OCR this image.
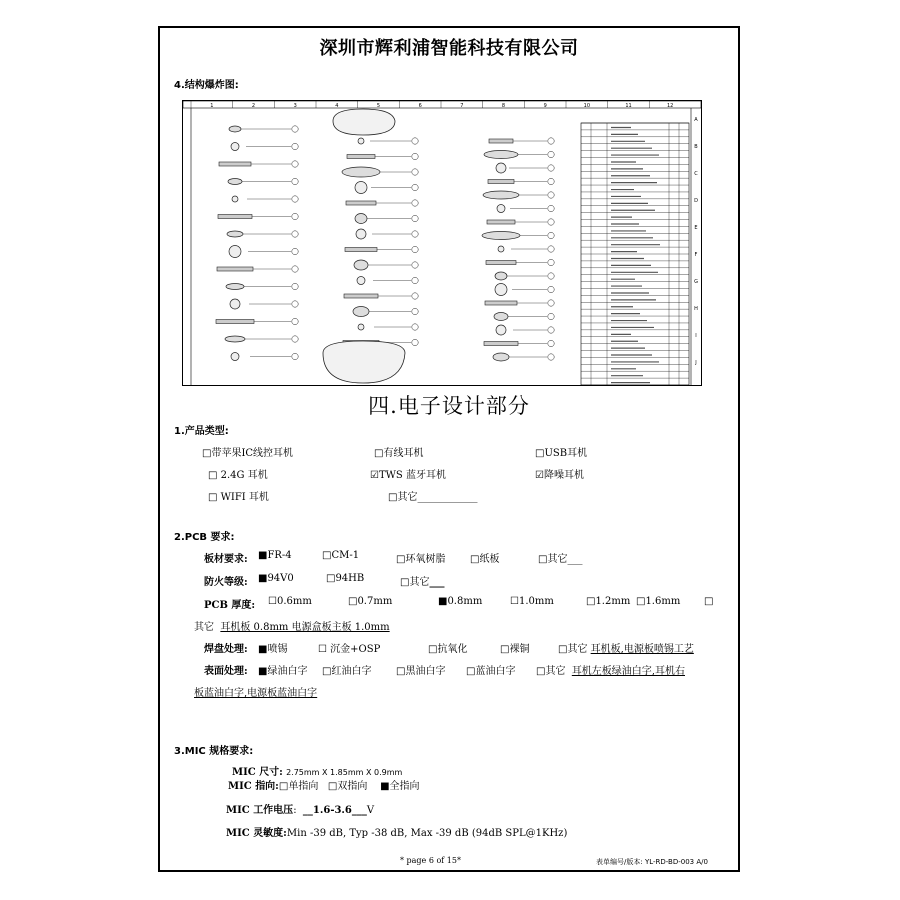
深圳市辉利浦智能科技有限公司
4.结构爆炸图:
1	2	3	4	5	6	7	8	9	10	11	12
A
B
C
D
E
F
G
H
I
J
四.电子设计部分
1.产品类型:
□带苹果IC线控耳机	□有线耳机	□USB耳机
□ 2.4G 耳机	☑TWS 蓝牙耳机	☑降噪耳机
□ WIFI 耳机	□其它____________
2.PCB 要求:
板材要求: ■FR-4	□CM-1	□环氧树脂 □纸板	□其它___
防火等级: ■94V0	□94HB	□其它___
PCB 厚度: ☐0.6mm	□0.7mm	■0.8mm	☐1.0mm	□1.2mm □1.6mm □
其它 耳机板 0.8mm 电源盒板主板 1.0mm
焊盘处理: ■喷锡	☐ 沉金+OSP	□抗氧化	□裸铜	□其它 耳机板,电源板喷锡工艺
表面处理: ■绿油白字 □红油白字 □黑油白字 □蓝油白字 □其它 耳机左板绿油白字,耳机右
板蓝油白字,电源板蓝油白字
3.MIC 规格要求:
MIC 尺寸: 2.75mm X 1.85mm X 0.9mm
MIC 指向:□单指向 □双指向 ■全指向
MIC 工作电压: __1.6-3.6___V
MIC 灵敏度:Min -39 dB, Typ -38 dB, Max -39 dB (94dB SPL@1KHz)
* page 6 of 15*	表单编号/版本: YL-RD-BD-003 A/0
